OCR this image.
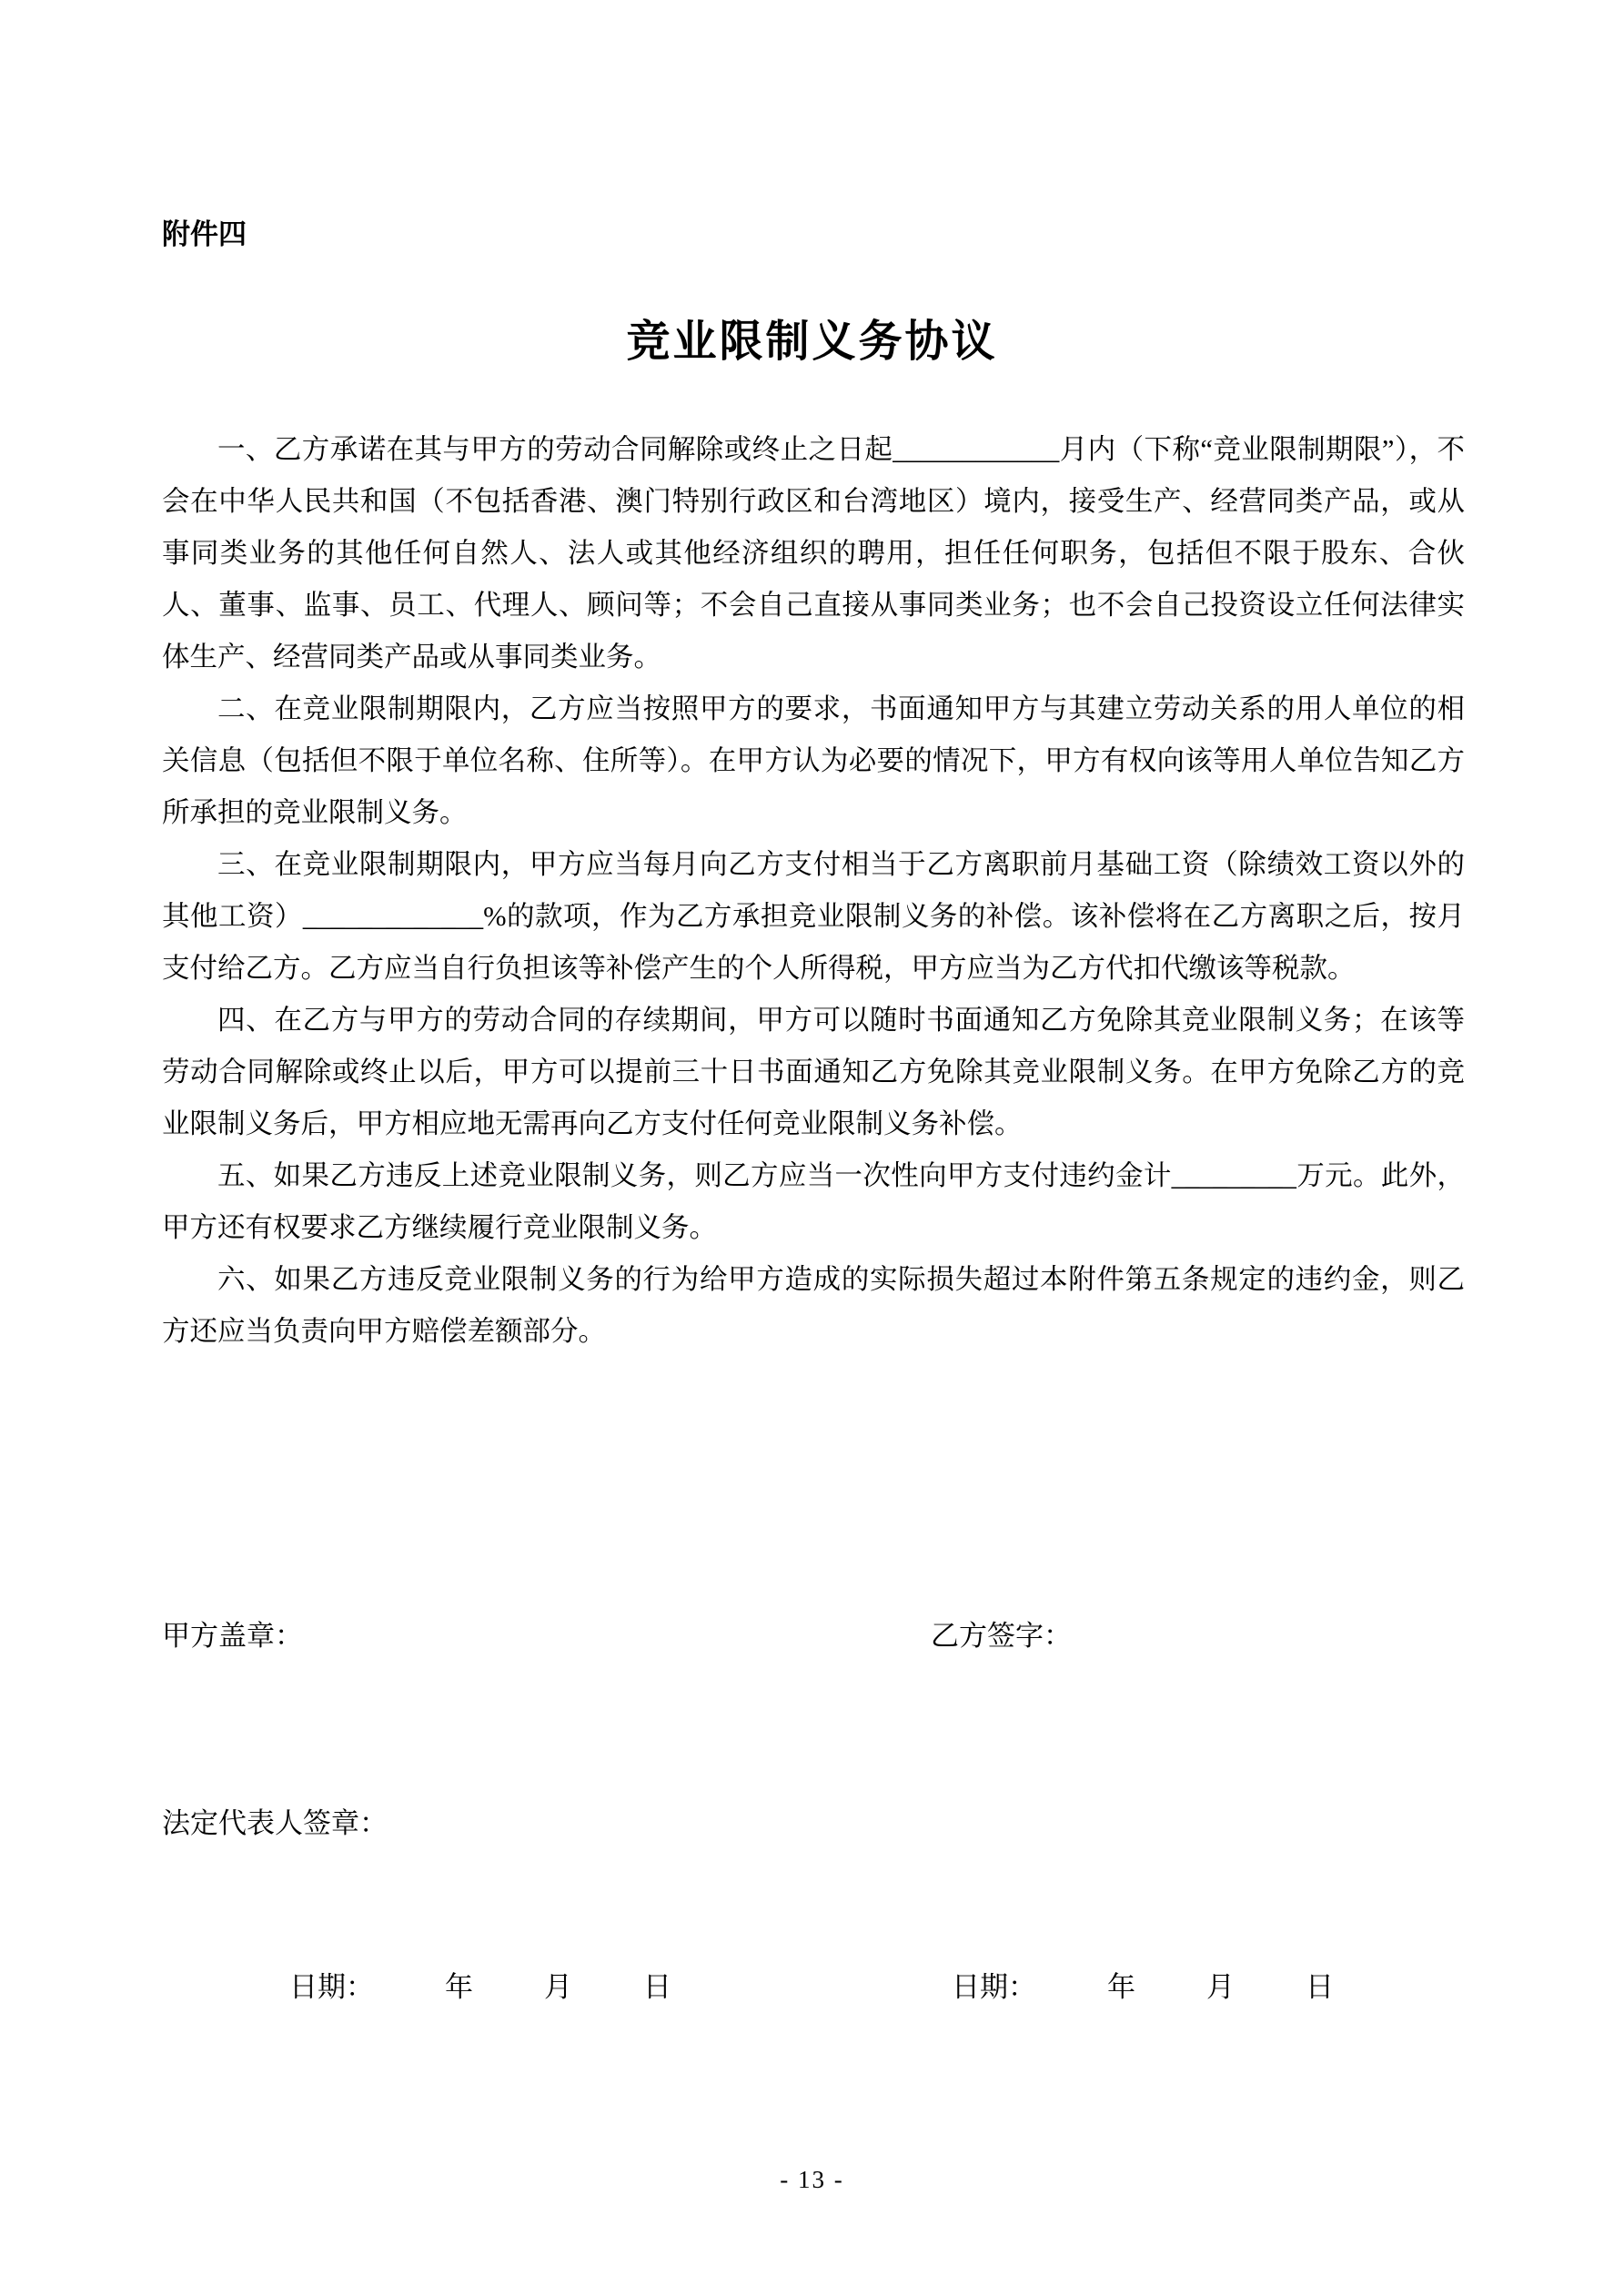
附件四
竞业限制义务协议

一、乙方承诺在其与甲方的劳动合同解除或终止之日起____________月内（下称“竞业限制期限”），不会在中华人民共和国（不包括香港、澳门特别行政区和台湾地区）境内，接受生产、经营同类产品，或从事同类业务的其他任何自然人、法人或其他经济组织的聘用，担任任何职务，包括但不限于股东、合伙人、董事、监事、员工、代理人、顾问等；不会自己直接从事同类业务；也不会自己投资设立任何法律实体生产、经营同类产品或从事同类业务。

二、在竞业限制期限内，乙方应当按照甲方的要求，书面通知甲方与其建立劳动关系的用人单位的相关信息（包括但不限于单位名称、住所等）。在甲方认为必要的情况下，甲方有权向该等用人单位告知乙方所承担的竞业限制义务。

三、在竞业限制期限内，甲方应当每月向乙方支付相当于乙方离职前月基础工资（除绩效工资以外的其他工资）_____________%的款项，作为乙方承担竞业限制义务的补偿。该补偿将在乙方离职之后，按月支付给乙方。乙方应当自行负担该等补偿产生的个人所得税，甲方应当为乙方代扣代缴该等税款。

四、在乙方与甲方的劳动合同的存续期间，甲方可以随时书面通知乙方免除其竞业限制义务；在该等劳动合同解除或终止以后，甲方可以提前三十日书面通知乙方免除其竞业限制义务。在甲方免除乙方的竞业限制义务后，甲方相应地无需再向乙方支付任何竞业限制义务补偿。

五、如果乙方违反上述竞业限制义务，则乙方应当一次性向甲方支付违约金计_________万元。此外，甲方还有权要求乙方继续履行竞业限制义务。

六、如果乙方违反竞业限制义务的行为给甲方造成的实际损失超过本附件第五条规定的违约金，则乙方还应当负责向甲方赔偿差额部分。

甲方盖章：	乙方签字：
法定代表人签章：
日期：	年	月	日	日期：	年	月	日
- 13 -
